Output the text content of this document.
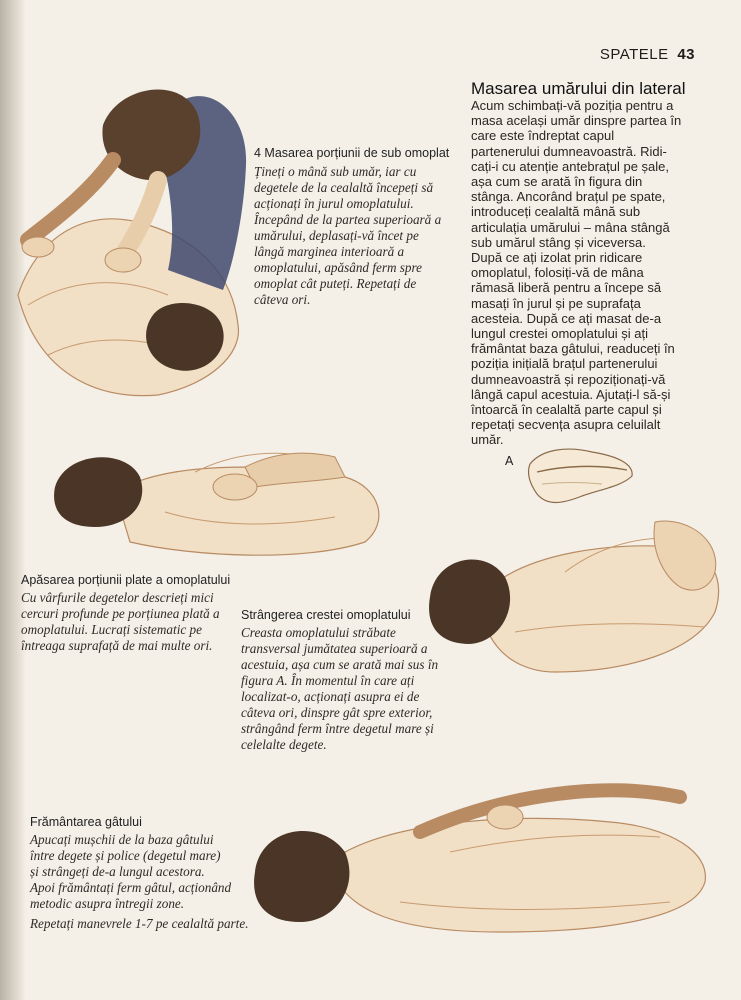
SPATELE 43
4 Masarea porțiunii de sub omoplat
Țineți o mână sub umăr, iar cu
degetele de la cealaltă începeți să
acționați în jurul omoplatului.
Începând de la partea superioară a
umărului, deplasați-vă încet pe
lângă marginea interioară a
omoplatului, apăsând ferm spre
omoplat cât puteți. Repetați de
câteva ori.
Masarea umărului din lateral
Acum schimbați-vă poziția pentru a
masa același umăr dinspre partea în
care este îndreptat capul
partenerului dumneavoastră. Ridi-
cați-i cu atenție antebrațul pe șale,
așa cum se arată în figura din
stânga. Ancorând brațul pe spate,
introduceți cealaltă mână sub
articulația umărului – mâna stângă
sub umărul stâng și viceversa.
După ce ați izolat prin ridicare
omoplatul, folosiți-vă de mâna
rămasă liberă pentru a începe să
masați în jurul și pe suprafața
acesteia. După ce ați masat de-a
lungul crestei omoplatului și ați
frământat baza gâtului, readuceți în
poziția inițială brațul partenerului
dumneavoastră și repoziționați-vă
lângă capul acestuia. Ajutați-l să-și
întoarcă în cealaltă parte capul și
repetați secvența asupra celuilalt
umăr.
Apăsarea porțiunii plate a omoplatului
Cu vârfurile degetelor descrieți mici
cercuri profunde pe porțiunea plată a
omoplatului. Lucrați sistematic pe
întreaga suprafață de mai multe ori.
A
Strângerea crestei omoplatului
Creasta omoplatului străbate
transversal jumătatea superioară a
acestuia, așa cum se arată mai sus în
figura A. În momentul în care ați
localizat-o, acționați asupra ei de
câteva ori, dinspre gât spre exterior,
strângând ferm între degetul mare și
celelalte degete.
Frământarea gâtului
Apucați mușchii de la baza gâtului
între degete și police (degetul mare)
și strângeți de-a lungul acestora.
Apoi frământați ferm gâtul, acționând
metodic asupra întregii zone.
Repetați manevrele 1-7 pe cealaltă parte.
